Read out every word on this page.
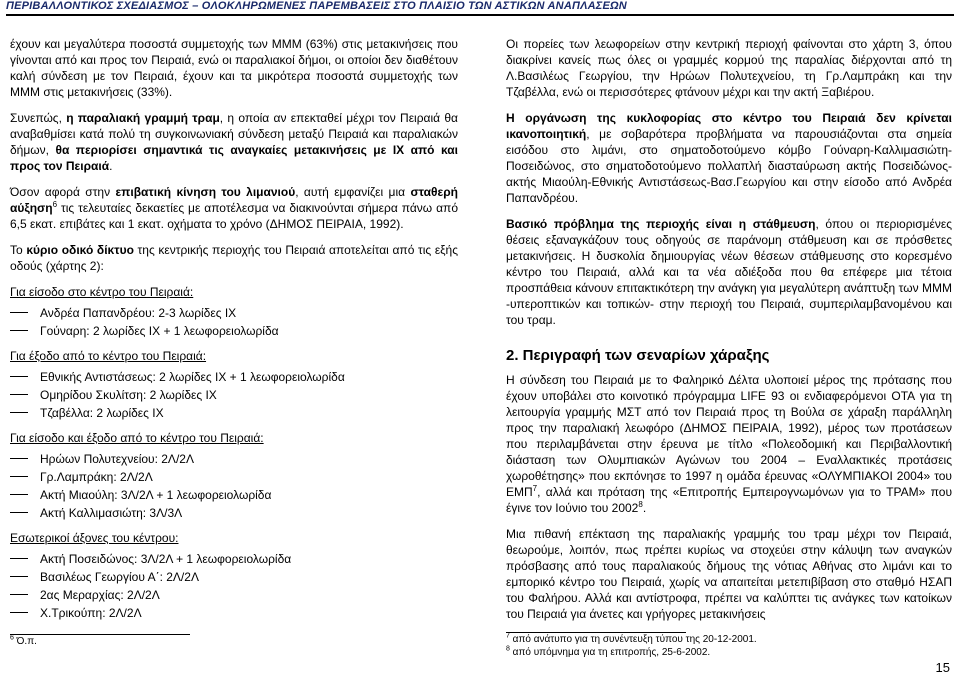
ΠΕΡΙΒΑΛΛΟΝΤΙΚΟΣ ΣΧΕΔΙΑΣΜΟΣ – ΟΛΟΚΛΗΡΩΜΕΝΕΣ ΠΑΡΕΜΒΑΣΕΙΣ ΣΤΟ ΠΛΑΙΣΙΟ ΤΩΝ ΑΣΤΙΚΩΝ ΑΝΑΠΛΑΣΕΩΝ

έχουν και μεγαλύτερα ποσοστά συμμετοχής των ΜΜΜ (63%) στις μετακινήσεις που γίνονται από και προς τον Πειραιά, ενώ οι παραλιακοί δήμοι, οι οποίοι δεν διαθέτουν καλή σύνδεση με τον Πειραιά, έχουν και τα μικρότερα ποσοστά συμμετοχής των ΜΜΜ στις μετακινήσεις (33%).

Συνεπώς, η παραλιακή γραμμή τραμ, η οποία αν επεκταθεί μέχρι τον Πειραιά θα αναβαθμίσει κατά πολύ τη συγκοινωνιακή σύνδεση μεταξύ Πειραιά και παραλιακών δήμων, θα περιορίσει σημαντικά τις αναγκαίες μετακινήσεις με ΙΧ από και προς τον Πειραιά.

Όσον αφορά στην επιβατική κίνηση του λιμανιού, αυτή εμφανίζει μια σταθερή αύξηση$^6$ τις τελευταίες δεκαετίες με αποτέλεσμα να διακινούνται σήμερα πάνω από 6,5 εκατ. επιβάτες και 1 εκατ. οχήματα το χρόνο (ΔΗΜΟΣ ΠΕΙΡΑΙΑ, 1992).

Το κύριο οδικό δίκτυο της κεντρικής περιοχής του Πειραιά αποτελείται από τις εξής οδούς (χάρτης 2):

Για είσοδο στο κέντρο του Πειραιά:

Ανδρέα Παπανδρέου: 2-3 λωρίδες ΙΧ
Γούναρη: 2 λωρίδες ΙΧ + 1 λεωφορειολωρίδα

Για έξοδο από το κέντρο του Πειραιά:

Εθνικής Αντιστάσεως: 2 λωρίδες ΙΧ + 1 λεωφορειολωρίδα
Ομηρίδου Σκυλίτση: 2 λωρίδες ΙΧ
Τζαβέλλα: 2 λωρίδες ΙΧ

Για είσοδο και έξοδο από το κέντρο του Πειραιά:

Ηρώων Πολυτεχνείου: 2Λ/2Λ
Γρ.Λαμπράκη: 2Λ/2Λ
Ακτή Μιαούλη: 3Λ/2Λ + 1 λεωφορειολωρίδα
Ακτή Καλλιμασιώτη: 3Λ/3Λ

Εσωτερικοί άξονες του κέντρου:

Ακτή Ποσειδώνος: 3Λ/2Λ + 1 λεωφορειολωρίδα
Βασιλέως Γεωργίου Α΄: 2Λ/2Λ
2ας Μεραρχίας: 2Λ/2Λ
Χ.Τρικούπη: 2Λ/2Λ

$^6$ Ό.π.

Οι πορείες των λεωφορείων στην κεντρική περιοχή φαίνονται στο χάρτη 3, όπου διακρίνει κανείς πως όλες οι γραμμές κορμού της παραλίας διέρχονται από τη Λ.Βασιλέως Γεωργίου, την Ηρώων Πολυτεχνείου, τη Γρ.Λαμπράκη και την Τζαβέλλα, ενώ οι περισσότερες φτάνουν μέχρι και την ακτή Ξαβιέρου.

Η οργάνωση της κυκλοφορίας στο κέντρο του Πειραιά δεν κρίνεται ικανοποιητική, με σοβαρότερα προβλήματα να παρουσιάζονται στα σημεία εισόδου στο λιμάνι, στο σηματοδοτούμενο κόμβο Γούναρη-Καλλιμασιώτη-Ποσειδώνος, στο σηματοδοτούμενο πολλαπλή διασταύρωση ακτής Ποσειδώνος-ακτής Μιαούλη-Εθνικής Αντιστάσεως-Βασ.Γεωργίου και στην είσοδο από Ανδρέα Παπανδρέου.

Βασικό πρόβλημα της περιοχής είναι η στάθμευση, όπου οι περιορισμένες θέσεις εξαναγκάζουν τους οδηγούς σε παράνομη στάθμευση και σε πρόσθετες μετακινήσεις. Η δυσκολία δημιουργίας νέων θέσεων στάθμευσης στο κορεσμένο κέντρο του Πειραιά, αλλά και τα νέα αδιέξοδα που θα επέφερε μια τέτοια προσπάθεια κάνουν επιτακτικότερη την ανάγκη για μεγαλύτερη ανάπτυξη των ΜΜΜ -υπεροπτικών και τοπικών- στην περιοχή του Πειραιά, συμπεριλαμβανομένου και του τραμ.

2. Περιγραφή των σεναρίων χάραξης

Η σύνδεση του Πειραιά με το Φαληρικό Δέλτα υλοποιεί μέρος της πρότασης που έχουν υποβάλει στο κοινοτικό πρόγραμμα LIFE 93 οι ενδιαφερόμενοι ΟΤΑ για τη λειτουργία γραμμής ΜΣΤ από τον Πειραιά προς τη Βούλα σε χάραξη παράλληλη προς την παραλιακή λεωφόρο (ΔΗΜΟΣ ΠΕΙΡΑΙΑ, 1992), μέρος των προτάσεων που περιλαμβάνεται στην έρευνα με τίτλο «Πολεοδομική και Περιβαλλοντική διάσταση των Ολυμπιακών Αγώνων του 2004 – Εναλλακτικές προτάσεις χωροθέτησης» που εκπόνησε το 1997 η ομάδα έρευνας «ΟΛΥΜΠΙΑΚΟΙ 2004» του ΕΜΠ$^7$, αλλά και πρόταση της «Επιτροπής Εμπειρογνωμόνων για το ΤΡΑΜ» που έγινε τον Ιούνιο του 2002$^8$.

Μια πιθανή επέκταση της παραλιακής γραμμής του τραμ μέχρι τον Πειραιά, θεωρούμε, λοιπόν, πως πρέπει κυρίως να στοχεύει στην κάλυψη των αναγκών πρόσβασης από τους παραλιακούς δήμους της νότιας Αθήνας στο λιμάνι και το εμπορικό κέντρο του Πειραιά, χωρίς να απαιτείται μετεπιβίβαση στο σταθμό ΗΣΑΠ του Φαλήρου. Αλλά και αντίστροφα, πρέπει να καλύπτει τις ανάγκες των κατοίκων του Πειραιά για άνετες και γρήγορες μετακινήσεις

$^7$ από ανάτυπο για τη συνέντευξη τύπου της 20-12-2001.

$^8$ από υπόμνημα για τη επιτροπής, 25-6-2002.

15
